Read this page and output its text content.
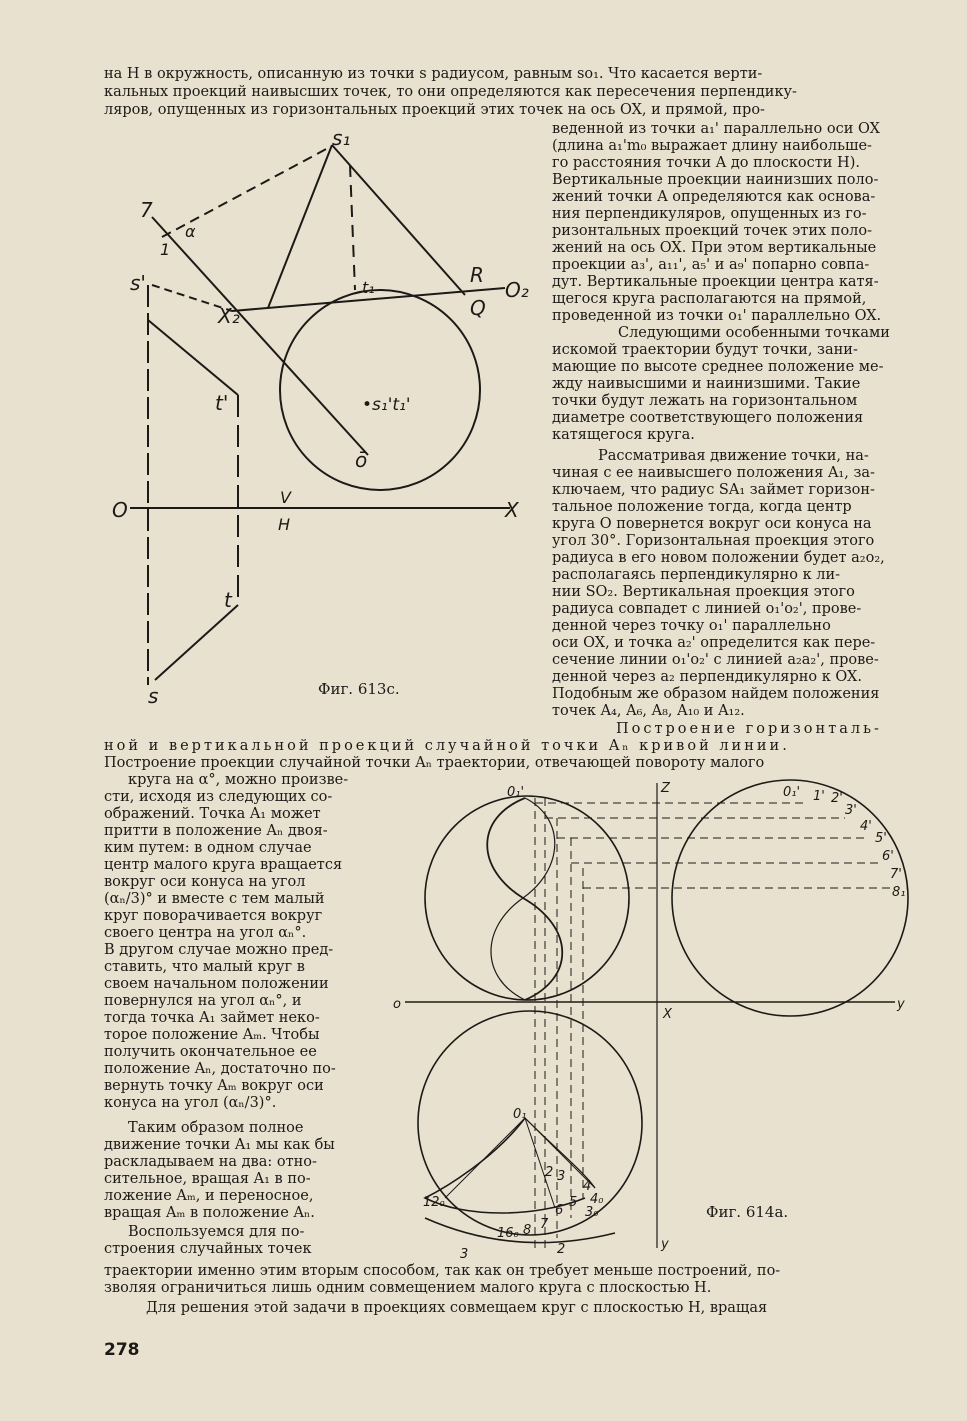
на H в окружность, описанную из точки s радиусом, равным so₁. Что касается верти-
кальных проекций наивысших точек, то они определяются как пересечения перпендику-
ляров, опущенных из горизонтальных проекций этих точек на ось OX, и прямой, про-
веденной из точки a₁' параллельно оси OX
(длина a₁'m₀ выражает длину наибольше-
го расстояния точки A до плоскости H).
Вертикальные проекции наинизших поло-
жений точки A определяются как основа-
ния перпендикуляров, опущенных из го-
ризонтальных проекций точек этих поло-
жений на ось OX. При этом вертикальные
проекции a₃', a₁₁', a₅' и a₉' попарно совпа-
дут. Вертикальные проекции центра катя-
щегося круга располагаются на прямой,
проведенной из точки o₁' параллельно OX.
Следующими особенными точками
искомой траектории будут точки, зани-
мающие по высоте среднее положение ме-
жду наивысшими и наинизшими. Такие
точки будут лежать на горизонтальном
диаметре соответствующего положения
катящегося круга.
Рассматривая движение точки, на-
чиная с ее наивысшего положения A₁, за-
ключаем, что радиус SA₁ займет горизон-
тальное положение тогда, когда центр
круга O повернется вокруг оси конуса на
угол 30°. Горизонтальная проекция этого
радиуса в его новом положении будет a₂o₂,
располагаясь перпендикулярно к ли-
нии SO₂. Вертикальная проекция этого
радиуса совпадет с линией o₁'o₂', прове-
денной через точку o₁' параллельно
оси OX, и точка a₂' определится как пере-
сечение линии o₁'o₂' с линией a₂a₂', прове-
денной через a₂ перпендикулярно к OX.
Подобным же образом найдем положения
точек A₄, A₆, A₈, A₁₀ и A₁₂.
Построение горизонталь-
s₁
s'
X₂
t₁
R
Q
O₂
t'	•s₁'t₁'
ō
O
V
H
X
t
s
7
α
1
Фиг. 613с.
ной и вертикальной проекций случайной точки Aₙ кривой линии.
Построение проекции случайной точки Aₙ траектории, отвечающей повороту малого
круга на α°, можно произве-
сти, исходя из следующих со-
ображений. Точка A₁ может
притти в положение Aₙ двоя-
ким путем: в одном случае
центр малого круга вращается
вокруг оси конуса на угол
(αₙ/3)° и вместе с тем малый
круг поворачивается вокруг
своего центра на угол αₙ°.
В другом случае можно пред-
ставить, что малый круг в
своем начальном положении
повернулся на угол αₙ°, и
тогда точка A₁ займет неко-
торое положение Aₘ. Чтобы
получить окончательное ее
положение Aₙ, достаточно по-
вернуть точку Aₘ вокруг оси
конуса на угол (αₙ/3)°.
Таким образом полное
движение точки A₁ мы как бы
раскладываем на два: отно-
сительное, вращая A₁ в по-
ложение Aₘ, и переносное,
вращая Aₘ в положение Aₙ.
Воспользуемся для по-
строения случайных точек
0₁'	Z
o	y
X
y
0₁
12₀
16₀
2
3
0₁' 1' 2'
3'
4'
5'
6'
7'
8₁'
2 3
4
5
6
7
8
4₀
3₀	Фиг. 614a.
траектории именно этим вторым способом, так как он требует меньше построений, по-
зволяя ограничиться лишь одним совмещением малого круга с плоскостью H.
Для решения этой задачи в проекциях совмещаем круг с плоскостью H, вращая
278
